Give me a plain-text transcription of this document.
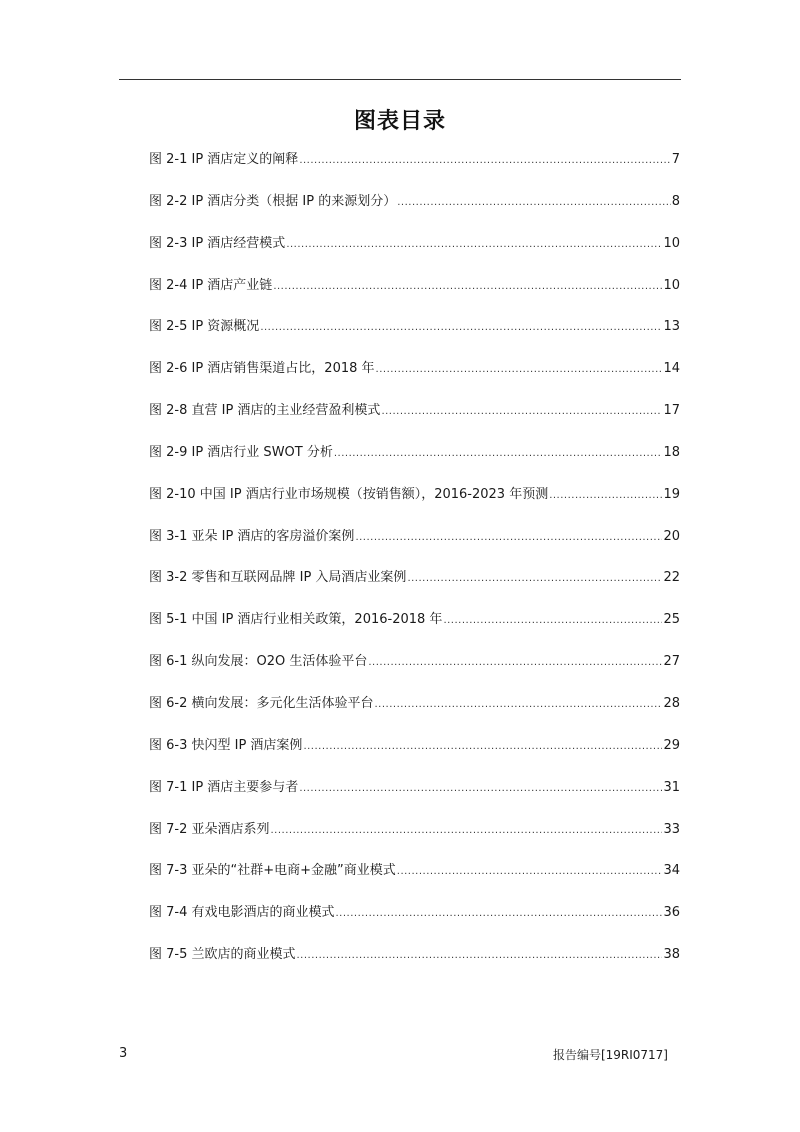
图表目录
图 2-1 IP 酒店定义的阐释 .....	7
图 2-2 IP 酒店分类（根据 IP 的来源划分） .....	8
图 2-3 IP 酒店经营模式 .....	10
图 2-4 IP 酒店产业链 .....	10
图 2-5 IP 资源概况 .....	13
图 2-6 IP 酒店销售渠道占比，2018 年 .....	14
图 2-8 直营 IP 酒店的主业经营盈利模式 .....	17
图 2-9 IP 酒店行业 SWOT 分析 .....	18
图 2-10 中国 IP 酒店行业市场规模（按销售额），2016-2023 年预测 .....	19
图 3-1 亚朵 IP 酒店的客房溢价案例 .....	20
图 3-2 零售和互联网品牌 IP 入局酒店业案例 .....	22
图 5-1 中国 IP 酒店行业相关政策，2016-2018 年 .....	25
图 6-1 纵向发展：O2O 生活体验平台 .....	27
图 6-2 横向发展：多元化生活体验平台 .....	28
图 6-3 快闪型 IP 酒店案例 .....	29
图 7-1 IP 酒店主要参与者 .....	31
图 7-2 亚朵酒店系列 .....	33
图 7-3 亚朵的“社群+电商+金融”商业模式 .....	34
图 7-4 有戏电影酒店的商业模式 .....	36
图 7-5 兰欧店的商业模式 .....	38
3	报告编号[19RI0717]
